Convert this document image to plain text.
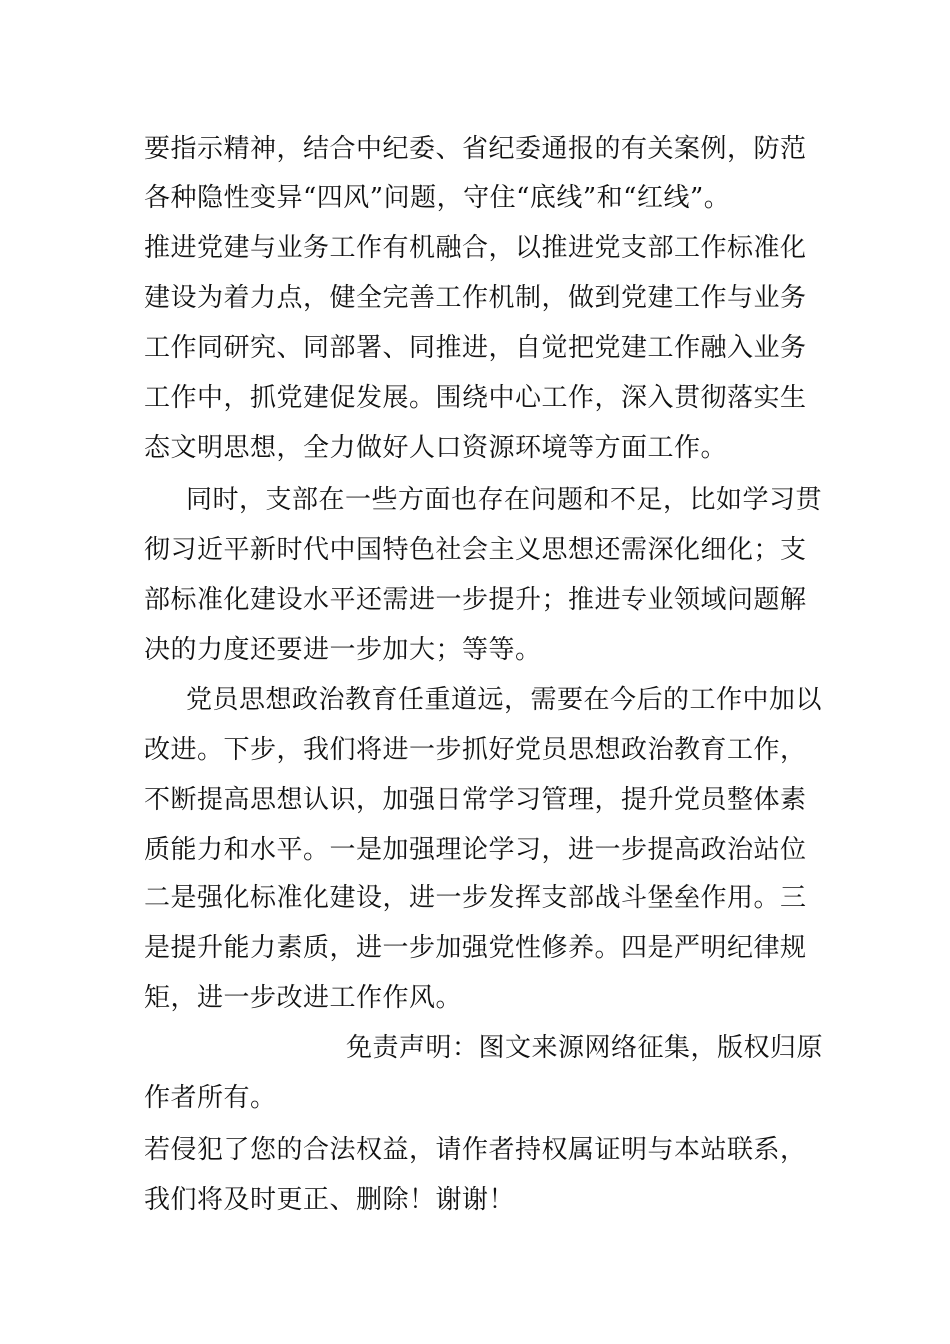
要指示精神，结合中纪委、省纪委通报的有关案例，防范
各种隐性变异“四风”问题，守住“底线”和“红线”。
推进党建与业务工作有机融合，以推进党支部工作标准化
建设为着力点，健全完善工作机制，做到党建工作与业务
工作同研究、同部署、同推进，自觉把党建工作融入业务
工作中，抓党建促发展。围绕中心工作，深入贯彻落实生
态文明思想，全力做好人口资源环境等方面工作。
同时，支部在一些方面也存在问题和不足，比如学习贯
彻习近平新时代中国特色社会主义思想还需深化细化；支
部标准化建设水平还需进一步提升；推进专业领域问题解
决的力度还要进一步加大；等等。
党员思想政治教育任重道远，需要在今后的工作中加以
改进。下步，我们将进一步抓好党员思想政治教育工作，
不断提高思想认识，加强日常学习管理，提升党员整体素
质能力和水平。一是加强理论学习，进一步提高政治站位
二是强化标准化建设，进一步发挥支部战斗堡垒作用。三
是提升能力素质，进一步加强党性修养。四是严明纪律规
矩，进一步改进工作作风。
免责声明：图文来源网络征集，版权归原
作者所有。
若侵犯了您的合法权益，请作者持权属证明与本站联系，
我们将及时更正、删除！谢谢！
